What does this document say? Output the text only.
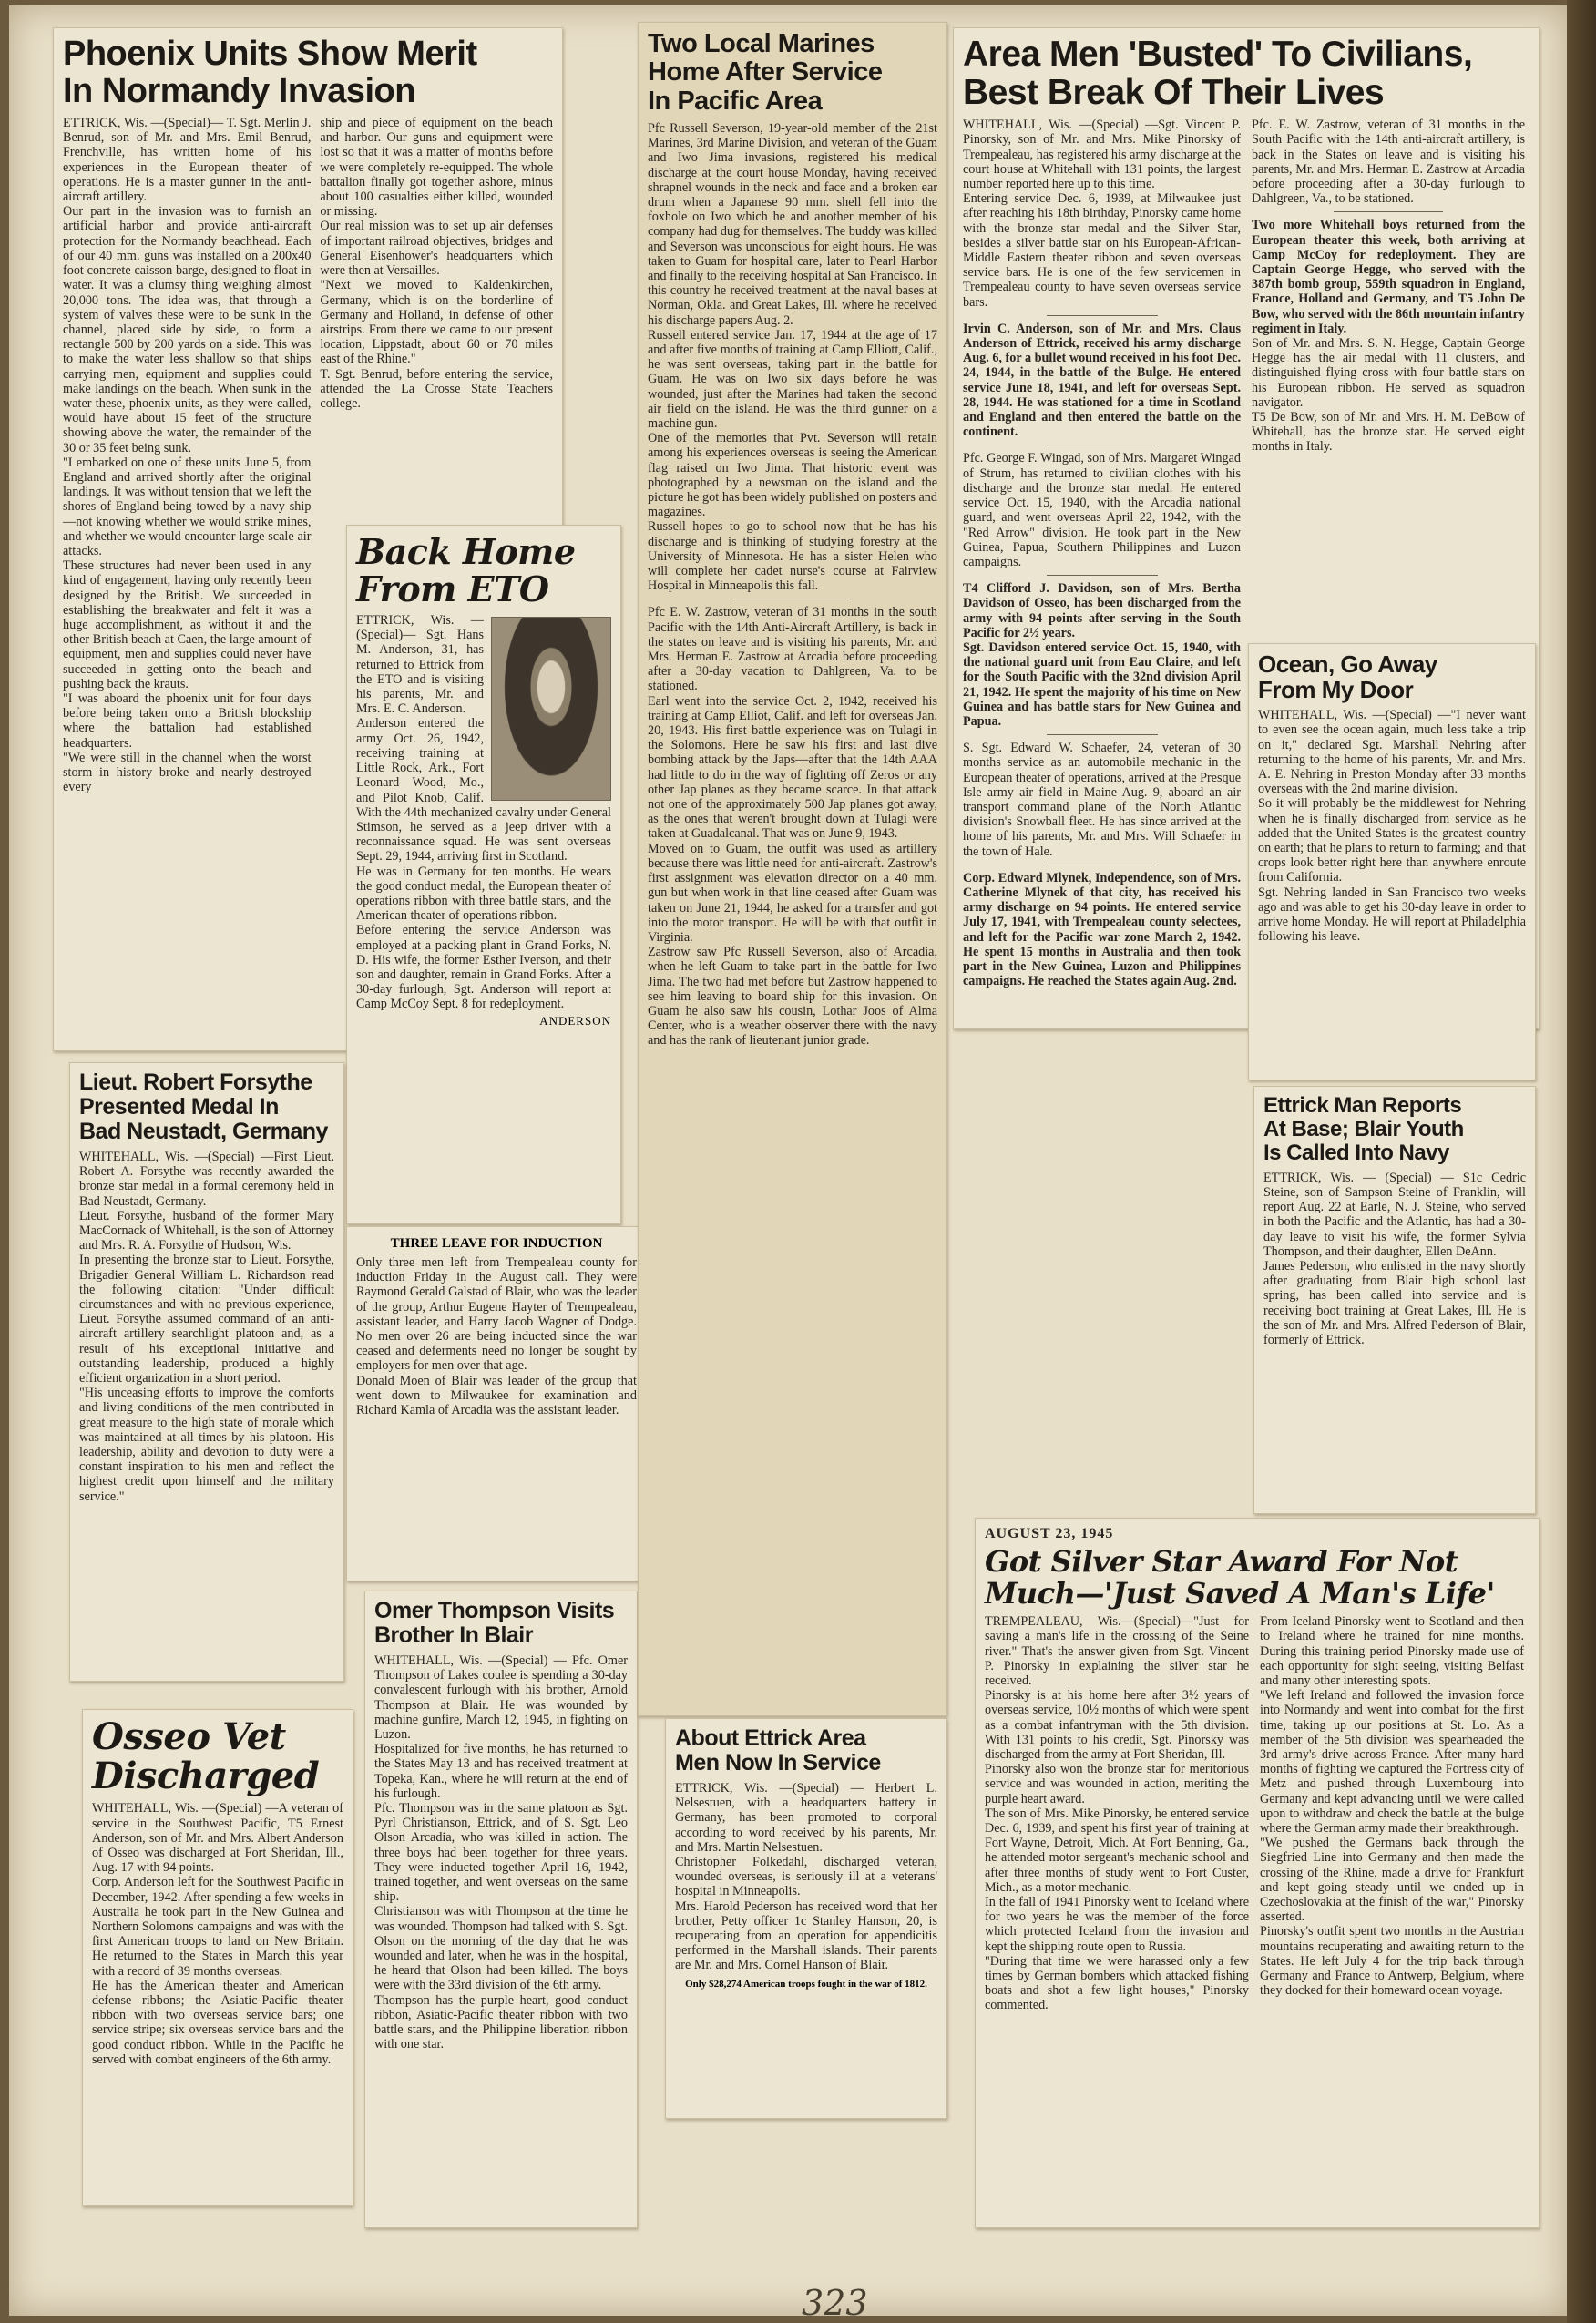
Phoenix Units Show Merit
In Normandy Invasion

ETTRICK, Wis. —(Special)— T. Sgt. Merlin J. Benrud, son of Mr. and Mrs. Emil Benrud, Frenchville, has written home of his experiences in the European theater of operations. He is a master gunner in the anti-aircraft artillery.
Our part in the invasion was to furnish an artificial harbor and provide anti-aircraft protection for the Normandy beachhead. Each of our 40 mm. guns was installed on a 200x40 foot concrete caisson barge, designed to float in water. It was a clumsy thing weighing almost 20,000 tons. The idea was, that through a system of valves these were to be sunk in the channel, placed side by side, to form a rectangle 500 by 200 yards on a side. This was to make the water less shallow so that ships carrying men, equipment and supplies could make landings on the beach. When sunk in the water these, phoenix units, as they were called, would have about 15 feet of the structure showing above the water, the remainder of the 30 or 35 feet being sunk.
"I embarked on one of these units June 5, from England and arrived shortly after the original landings. It was without tension that we left the shores of England being towed by a navy ship—not knowing whether we would strike mines, and whether we would encounter large scale air attacks.
These structures had never been used in any kind of engagement, having only recently been designed by the British. We succeeded in establishing the breakwater and felt it was a huge accomplishment, as without it and the other British beach at Caen, the large amount of equipment, men and supplies could never have succeeded in getting onto the beach and pushing back the krauts.
"I was aboard the phoenix unit for four days before being taken onto a British blockship where the battalion had established headquarters.
"We were still in the channel when the worst storm in history broke and nearly destroyed every

ship and piece of equipment on the beach and harbor. Our guns and equipment were lost so that it was a matter of months before we were completely re-equipped. The whole battalion finally got together ashore, minus about 100 casualties either killed, wounded or missing.
Our real mission was to set up air defenses of important railroad objectives, bridges and General Eisenhower's headquarters which were then at Versailles.
"Next we moved to Kaldenkirchen, Germany, which is on the borderline of Germany and Holland, in defense of other airstrips. From there we came to our present location, Lippstadt, about 60 or 70 miles east of the Rhine."
T. Sgt. Benrud, before entering the service, attended the La Crosse State Teachers college.

Back Home
From ETO

ETTRICK, Wis. —(Special)— Sgt. Hans M. Anderson, 31, has returned to Ettrick from the ETO and is visiting his parents, Mr. and Mrs. E. C. Anderson.
Anderson entered the army Oct. 26, 1942, receiving training at Little Rock, Ark., Fort Leonard Wood, Mo., and Pilot Knob, Calif. With the 44th mechanized cavalry under General Stimson, he served as a jeep driver with a reconnaissance squad. He was sent overseas Sept. 29, 1944, arriving first in Scotland.
He was in Germany for ten months. He wears the good conduct medal, the European theater of operations ribbon with three battle stars, and the American theater of operations ribbon.
Before entering the service Anderson was employed at a packing plant in Grand Forks, N. D. His wife, the former Esther Iverson, and their son and daughter, remain in Grand Forks. After a 30-day furlough, Sgt. Anderson will report at Camp McCoy Sept. 8 for redeployment.

ANDERSON
Lieut. Robert Forsythe
Presented Medal In
Bad Neustadt, Germany

WHITEHALL, Wis. —(Special) —First Lieut. Robert A. Forsythe was recently awarded the bronze star medal in a formal ceremony held in Bad Neustadt, Germany.
Lieut. Forsythe, husband of the former Mary MacCornack of Whitehall, is the son of Attorney and Mrs. R. A. Forsythe of Hudson, Wis.
In presenting the bronze star to Lieut. Forsythe, Brigadier General William L. Richardson read the following citation: "Under difficult circumstances and with no previous experience, Lieut. Forsythe assumed command of an anti-aircraft artillery searchlight platoon and, as a result of his exceptional initiative and outstanding leadership, produced a highly efficient organization in a short period.
"His unceasing efforts to improve the comforts and living conditions of the men contributed in great measure to the high state of morale which was maintained at all times by his platoon. His leadership, ability and devotion to duty were a constant inspiration to his men and reflect the highest credit upon himself and the military service."

THREE LEAVE FOR INDUCTION

Only three men left from Trempealeau county for induction Friday in the August call. They were Raymond Gerald Galstad of Blair, who was the leader of the group, Arthur Eugene Hayter of Trempealeau, assistant leader, and Harry Jacob Wagner of Dodge. No men over 26 are being inducted since the war ceased and deferments need no longer be sought by employers for men over that age.
Donald Moen of Blair was leader of the group that went down to Milwaukee for examination and Richard Kamla of Arcadia was the assistant leader.

Osseo Vet
Discharged

WHITEHALL, Wis. —(Special) —A veteran of service in the Southwest Pacific, T5 Ernest Anderson, son of Mr. and Mrs. Albert Anderson of Osseo was discharged at Fort Sheridan, Ill., Aug. 17 with 94 points.
Corp. Anderson left for the Southwest Pacific in December, 1942. After spending a few weeks in Australia he took part in the New Guinea and Northern Solomons campaigns and was with the first American troops to land on New Britain. He returned to the States in March this year with a record of 39 months overseas.
He has the American theater and American defense ribbons; the Asiatic-Pacific theater ribbon with two overseas service bars; one service stripe; six overseas service bars and the good conduct ribbon. While in the Pacific he served with combat engineers of the 6th army.

Omer Thompson Visits
Brother In Blair

WHITEHALL, Wis. —(Special) — Pfc. Omer Thompson of Lakes coulee is spending a 30-day convalescent furlough with his brother, Arnold Thompson at Blair. He was wounded by machine gunfire, March 12, 1945, in fighting on Luzon.
Hospitalized for five months, he has returned to the States May 13 and has received treatment at Topeka, Kan., where he will return at the end of his furlough.
Pfc. Thompson was in the same platoon as Sgt. Pyrl Christianson, Ettrick, and of S. Sgt. Leo Olson Arcadia, who was killed in action. The three boys had been together for three years. They were inducted together April 16, 1942, trained together, and went overseas on the same ship.
Christianson was with Thompson at the time he was wounded. Thompson had talked with S. Sgt. Olson on the morning of the day that he was wounded and later, when he was in the hospital, he heard that Olson had been killed. The boys were with the 33rd division of the 6th army.
Thompson has the purple heart, good conduct ribbon, Asiatic-Pacific theater ribbon with two battle stars, and the Philippine liberation ribbon with one star.

Two Local Marines
Home After Service
In Pacific Area

Pfc Russell Severson, 19-year-old member of the 21st Marines, 3rd Marine Division, and veteran of the Guam and Iwo Jima invasions, registered his medical discharge at the court house Monday, having received shrapnel wounds in the neck and face and a broken ear drum when a Japanese 90 mm. shell fell into the foxhole on Iwo which he and another member of his company had dug for themselves. The buddy was killed and Severson was unconscious for eight hours. He was taken to Guam for hospital care, later to Pearl Harbor and finally to the receiving hospital at San Francisco. In this country he received treatment at the naval bases at Norman, Okla. and Great Lakes, Ill. where he received his discharge papers Aug. 2.
Russell entered service Jan. 17, 1944 at the age of 17 and after five months of training at Camp Elliott, Calif., he was sent overseas, taking part in the battle for Guam. He was on Iwo six days before he was wounded, just after the Marines had taken the second air field on the island. He was the third gunner on a machine gun.
One of the memories that Pvt. Severson will retain among his experiences overseas is seeing the American flag raised on Iwo Jima. That historic event was photographed by a newsman on the island and the picture he got has been widely published on posters and magazines.
Russell hopes to go to school now that he has his discharge and is thinking of studying forestry at the University of Minnesota. He has a sister Helen who will complete her cadet nurse's course at Fairview Hospital in Minneapolis this fall.

Pfc E. W. Zastrow, veteran of 31 months in the south Pacific with the 14th Anti-Aircraft Artillery, is back in the states on leave and is visiting his parents, Mr. and Mrs. Herman E. Zastrow at Arcadia before proceeding after a 30-day vacation to Dahlgreen, Va. to be stationed.
Earl went into the service Oct. 2, 1942, received his training at Camp Elliot, Calif. and left for overseas Jan. 20, 1943. His first battle experience was on Tulagi in the Solomons. Here he saw his first and last dive bombing attack by the Japs—after that the 14th AAA had little to do in the way of fighting off Zeros or any other Jap planes as they became scarce. In that attack not one of the approximately 500 Jap planes got away, as the ones that weren't brought down at Tulagi were taken at Guadalcanal. That was on June 9, 1943.
Moved on to Guam, the outfit was used as artillery because there was little need for anti-aircraft. Zastrow's first assignment was elevation director on a 40 mm. gun but when work in that line ceased after Guam was taken on June 21, 1944, he asked for a transfer and got into the motor transport. He will be with that outfit in Virginia.
Zastrow saw Pfc Russell Severson, also of Arcadia, when he left Guam to take part in the battle for Iwo Jima. The two had met before but Zastrow happened to see him leaving to board ship for this invasion. On Guam he also saw his cousin, Lothar Joos of Alma Center, who is a weather observer there with the navy and has the rank of lieutenant junior grade.

About Ettrick Area
Men Now In Service

ETTRICK, Wis. —(Special) — Herbert L. Nelsestuen, with a headquarters battery in Germany, has been promoted to corporal according to word received by his parents, Mr. and Mrs. Martin Nelsestuen.
Christopher Folkedahl, discharged veteran, wounded overseas, is seriously ill at a veterans' hospital in Minneapolis.
Mrs. Harold Pederson has received word that her brother, Petty officer 1c Stanley Hanson, 20, is recuperating from an operation for appendicitis performed in the Marshall islands. Their parents are Mr. and Mrs. Cornel Hanson of Blair.

Only $28,274 American troops fought in the war of 1812.
Area Men 'Busted' To Civilians,
Best Break Of Their Lives

WHITEHALL, Wis. —(Special) —Sgt. Vincent P. Pinorsky, son of Mr. and Mrs. Mike Pinorsky of Trempealeau, has registered his army discharge at the court house at Whitehall with 131 points, the largest number reported here up to this time.
Entering service Dec. 6, 1939, at Milwaukee just after reaching his 18th birthday, Pinorsky came home with the bronze star medal and the Silver Star, besides a silver battle star on his European-African-Middle Eastern theater ribbon and seven overseas service bars. He is one of the few servicemen in Trempealeau county to have seven overseas service bars.

Irvin C. Anderson, son of Mr. and Mrs. Claus Anderson of Ettrick, received his army discharge Aug. 6, for a bullet wound received in his foot Dec. 24, 1944, in the battle of the Bulge. He entered service June 18, 1941, and left for overseas Sept. 28, 1944. He was stationed for a time in Scotland and England and then entered the battle on the continent.

Pfc. George F. Wingad, son of Mrs. Margaret Wingad of Strum, has returned to civilian clothes with his discharge and the bronze star medal. He entered service Oct. 15, 1940, with the Arcadia national guard, and went overseas April 22, 1942, with the "Red Arrow" division. He took part in the New Guinea, Papua, Southern Philippines and Luzon campaigns.

T4 Clifford J. Davidson, son of Mrs. Bertha Davidson of Osseo, has been discharged from the army with 94 points after serving in the South Pacific for 2½ years.
Sgt. Davidson entered service Oct. 15, 1940, with the national guard unit from Eau Claire, and left for the South Pacific with the 32nd division April 21, 1942. He spent the majority of his time on New Guinea and has battle stars for New Guinea and Papua.

S. Sgt. Edward W. Schaefer, 24, veteran of 30 months service as an automobile mechanic in the European theater of operations, arrived at the Presque Isle army air field in Maine Aug. 9, aboard an air transport command plane of the North Atlantic division's Snowball fleet. He has since arrived at the home of his parents, Mr. and Mrs. Will Schaefer in the town of Hale.

Corp. Edward Mlynek, Independence, son of Mrs. Catherine Mlynek of that city, has received his army discharge on 94 points. He entered service July 17, 1941, with Trempealeau county selectees, and left for the Pacific war zone March 2, 1942. He spent 15 months in Australia and then took part in the New Guinea, Luzon and Philippines campaigns. He reached the States again Aug. 2nd.

Pfc. E. W. Zastrow, veteran of 31 months in the South Pacific with the 14th anti-aircraft artillery, is back in the States on leave and is visiting his parents, Mr. and Mrs. Herman E. Zastrow at Arcadia before proceeding after a 30-day furlough to Dahlgreen, Va., to be stationed.

Two more Whitehall boys returned from the European theater this week, both arriving at Camp McCoy for redeployment. They are Captain George Hegge, who served with the 387th bomb group, 559th squadron in England, France, Holland and Germany, and T5 John De Bow, who served with the 86th mountain infantry regiment in Italy.

Son of Mr. and Mrs. S. N. Hegge, Captain George Hegge has the air medal with 11 clusters, and distinguished flying cross with four battle stars on his European ribbon. He served as squadron navigator.
T5 De Bow, son of Mr. and Mrs. H. M. DeBow of Whitehall, has the bronze star. He served eight months in Italy.

Ocean, Go Away
From My Door

WHITEHALL, Wis. —(Special) —"I never want to even see the ocean again, much less take a trip on it," declared Sgt. Marshall Nehring after returning to the home of his parents, Mr. and Mrs. A. E. Nehring in Preston Monday after 33 months overseas with the 2nd marine division.
So it will probably be the middlewest for Nehring when he is finally discharged from service as he added that the United States is the greatest country on earth; that he plans to return to farming; and that crops look better right here than anywhere enroute from California.
Sgt. Nehring landed in San Francisco two weeks ago and was able to get his 30-day leave in order to arrive home Monday. He will report at Philadelphia following his leave.

Ettrick Man Reports
At Base; Blair Youth
Is Called Into Navy

ETTRICK, Wis. — (Special) — S1c Cedric Steine, son of Sampson Steine of Franklin, will report Aug. 22 at Earle, N. J. Steine, who served in both the Pacific and the Atlantic, has had a 30-day leave to visit his wife, the former Sylvia Thompson, and their daughter, Ellen DeAnn.
James Pederson, who enlisted in the navy shortly after graduating from Blair high school last spring, has been called into service and is receiving boot training at Great Lakes, Ill. He is the son of Mr. and Mrs. Alfred Pederson of Blair, formerly of Ettrick.

AUGUST 23, 1945
Got Silver Star Award For Not
Much—'Just Saved A Man's Life'

TREMPEALEAU, Wis.—(Special)—"Just for saving a man's life in the crossing of the Seine river." That's the answer given from Sgt. Vincent P. Pinorsky in explaining the silver star he received.
Pinorsky is at his home here after 3½ years of overseas service, 10½ months of which were spent as a combat infantryman with the 5th division. With 131 points to his credit, Sgt. Pinorsky was discharged from the army at Fort Sheridan, Ill.
Pinorsky also won the bronze star for meritorious service and was wounded in action, meriting the purple heart award.
The son of Mrs. Mike Pinorsky, he entered service Dec. 6, 1939, and spent his first year of training at Fort Wayne, Detroit, Mich. At Fort Benning, Ga., he attended motor sergeant's mechanic school and after three months of study went to Fort Custer, Mich., as a motor mechanic.
In the fall of 1941 Pinorsky went to Iceland where for two years he was the member of the force which protected Iceland from the invasion and kept the shipping route open to Russia.
"During that time we were harassed only a few times by German bombers which attacked fishing boats and shot a few light houses," Pinorsky commented.

From Iceland Pinorsky went to Scotland and then to Ireland where he trained for nine months. During this training period Pinorsky made use of each opportunity for sight seeing, visiting Belfast and many other interesting spots.
"We left Ireland and followed the invasion force into Normandy and went into combat for the first time, taking up our positions at St. Lo. As a member of the 5th division was spearheaded the 3rd army's drive across France. After many hard months of fighting we captured the Fortress city of Metz and pushed through Luxembourg into Germany and kept advancing until we were called upon to withdraw and check the battle at the bulge where the German army made their breakthrough.
"We pushed the Germans back through the Siegfried Line into Germany and then made the crossing of the Rhine, made a drive for Frankfurt and kept going steady until we ended up in Czechoslovakia at the finish of the war," Pinorsky asserted.
Pinorsky's outfit spent two months in the Austrian mountains recuperating and awaiting return to the States. He left July 4 for the trip back through Germany and France to Antwerp, Belgium, where they docked for their homeward ocean voyage.

323
